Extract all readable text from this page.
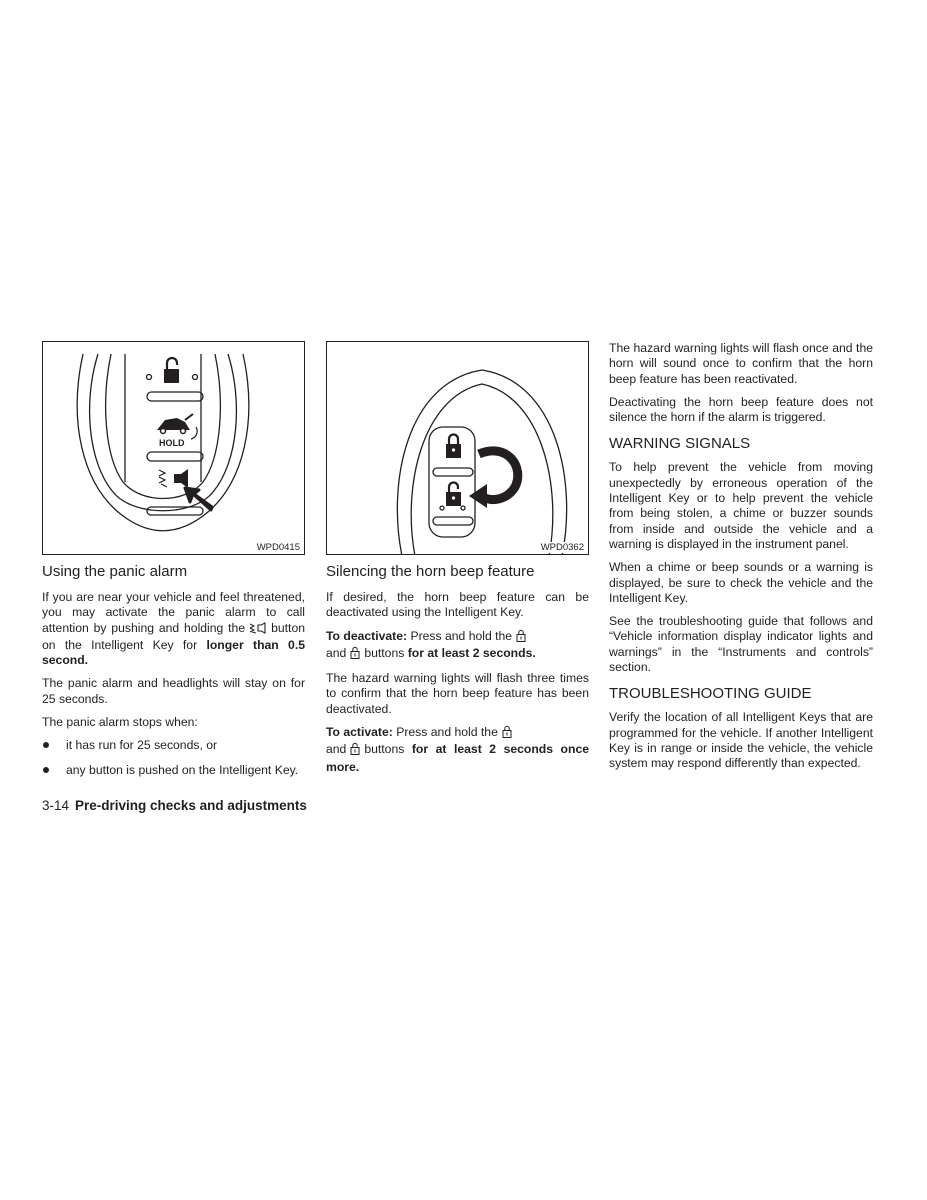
HOLD
WPD0415
Using the panic alarm

If you are near your vehicle and feel threatened, you may activate the panic alarm to call attention by pushing and holding the button on the Intelligent Key for longer than 0.5 second.

The panic alarm and headlights will stay on for 25 seconds.

The panic alarm stops when:

it has run for 25 seconds, or
any button is pushed on the Intelligent Key.
WPD0362
Silencing the horn beep feature

If desired, the horn beep feature can be deactivated using the Intelligent Key.

To deactivate: Press and hold the
and buttons for at least 2 seconds.

The hazard warning lights will flash three times to confirm that the horn beep feature has been deactivated.

To activate: Press and hold the
and buttons for at least 2 seconds once more.

The hazard warning lights will flash once and the horn will sound once to confirm that the horn beep feature has been reactivated.

Deactivating the horn beep feature does not silence the horn if the alarm is triggered.

WARNING SIGNALS

To help prevent the vehicle from moving unexpectedly by erroneous operation of the Intelligent Key or to help prevent the vehicle from being stolen, a chime or buzzer sounds from inside and outside the vehicle and a warning is displayed in the instrument panel.

When a chime or beep sounds or a warning is displayed, be sure to check the vehicle and the Intelligent Key.

See the troubleshooting guide that follows and “Vehicle information display indicator lights and warnings” in the “Instruments and controls” section.

TROUBLESHOOTING GUIDE

Verify the location of all Intelligent Keys that are programmed for the vehicle. If another Intelligent Key is in range or inside the vehicle, the vehicle system may respond differently than expected.

3-14 Pre-driving checks and adjustments
